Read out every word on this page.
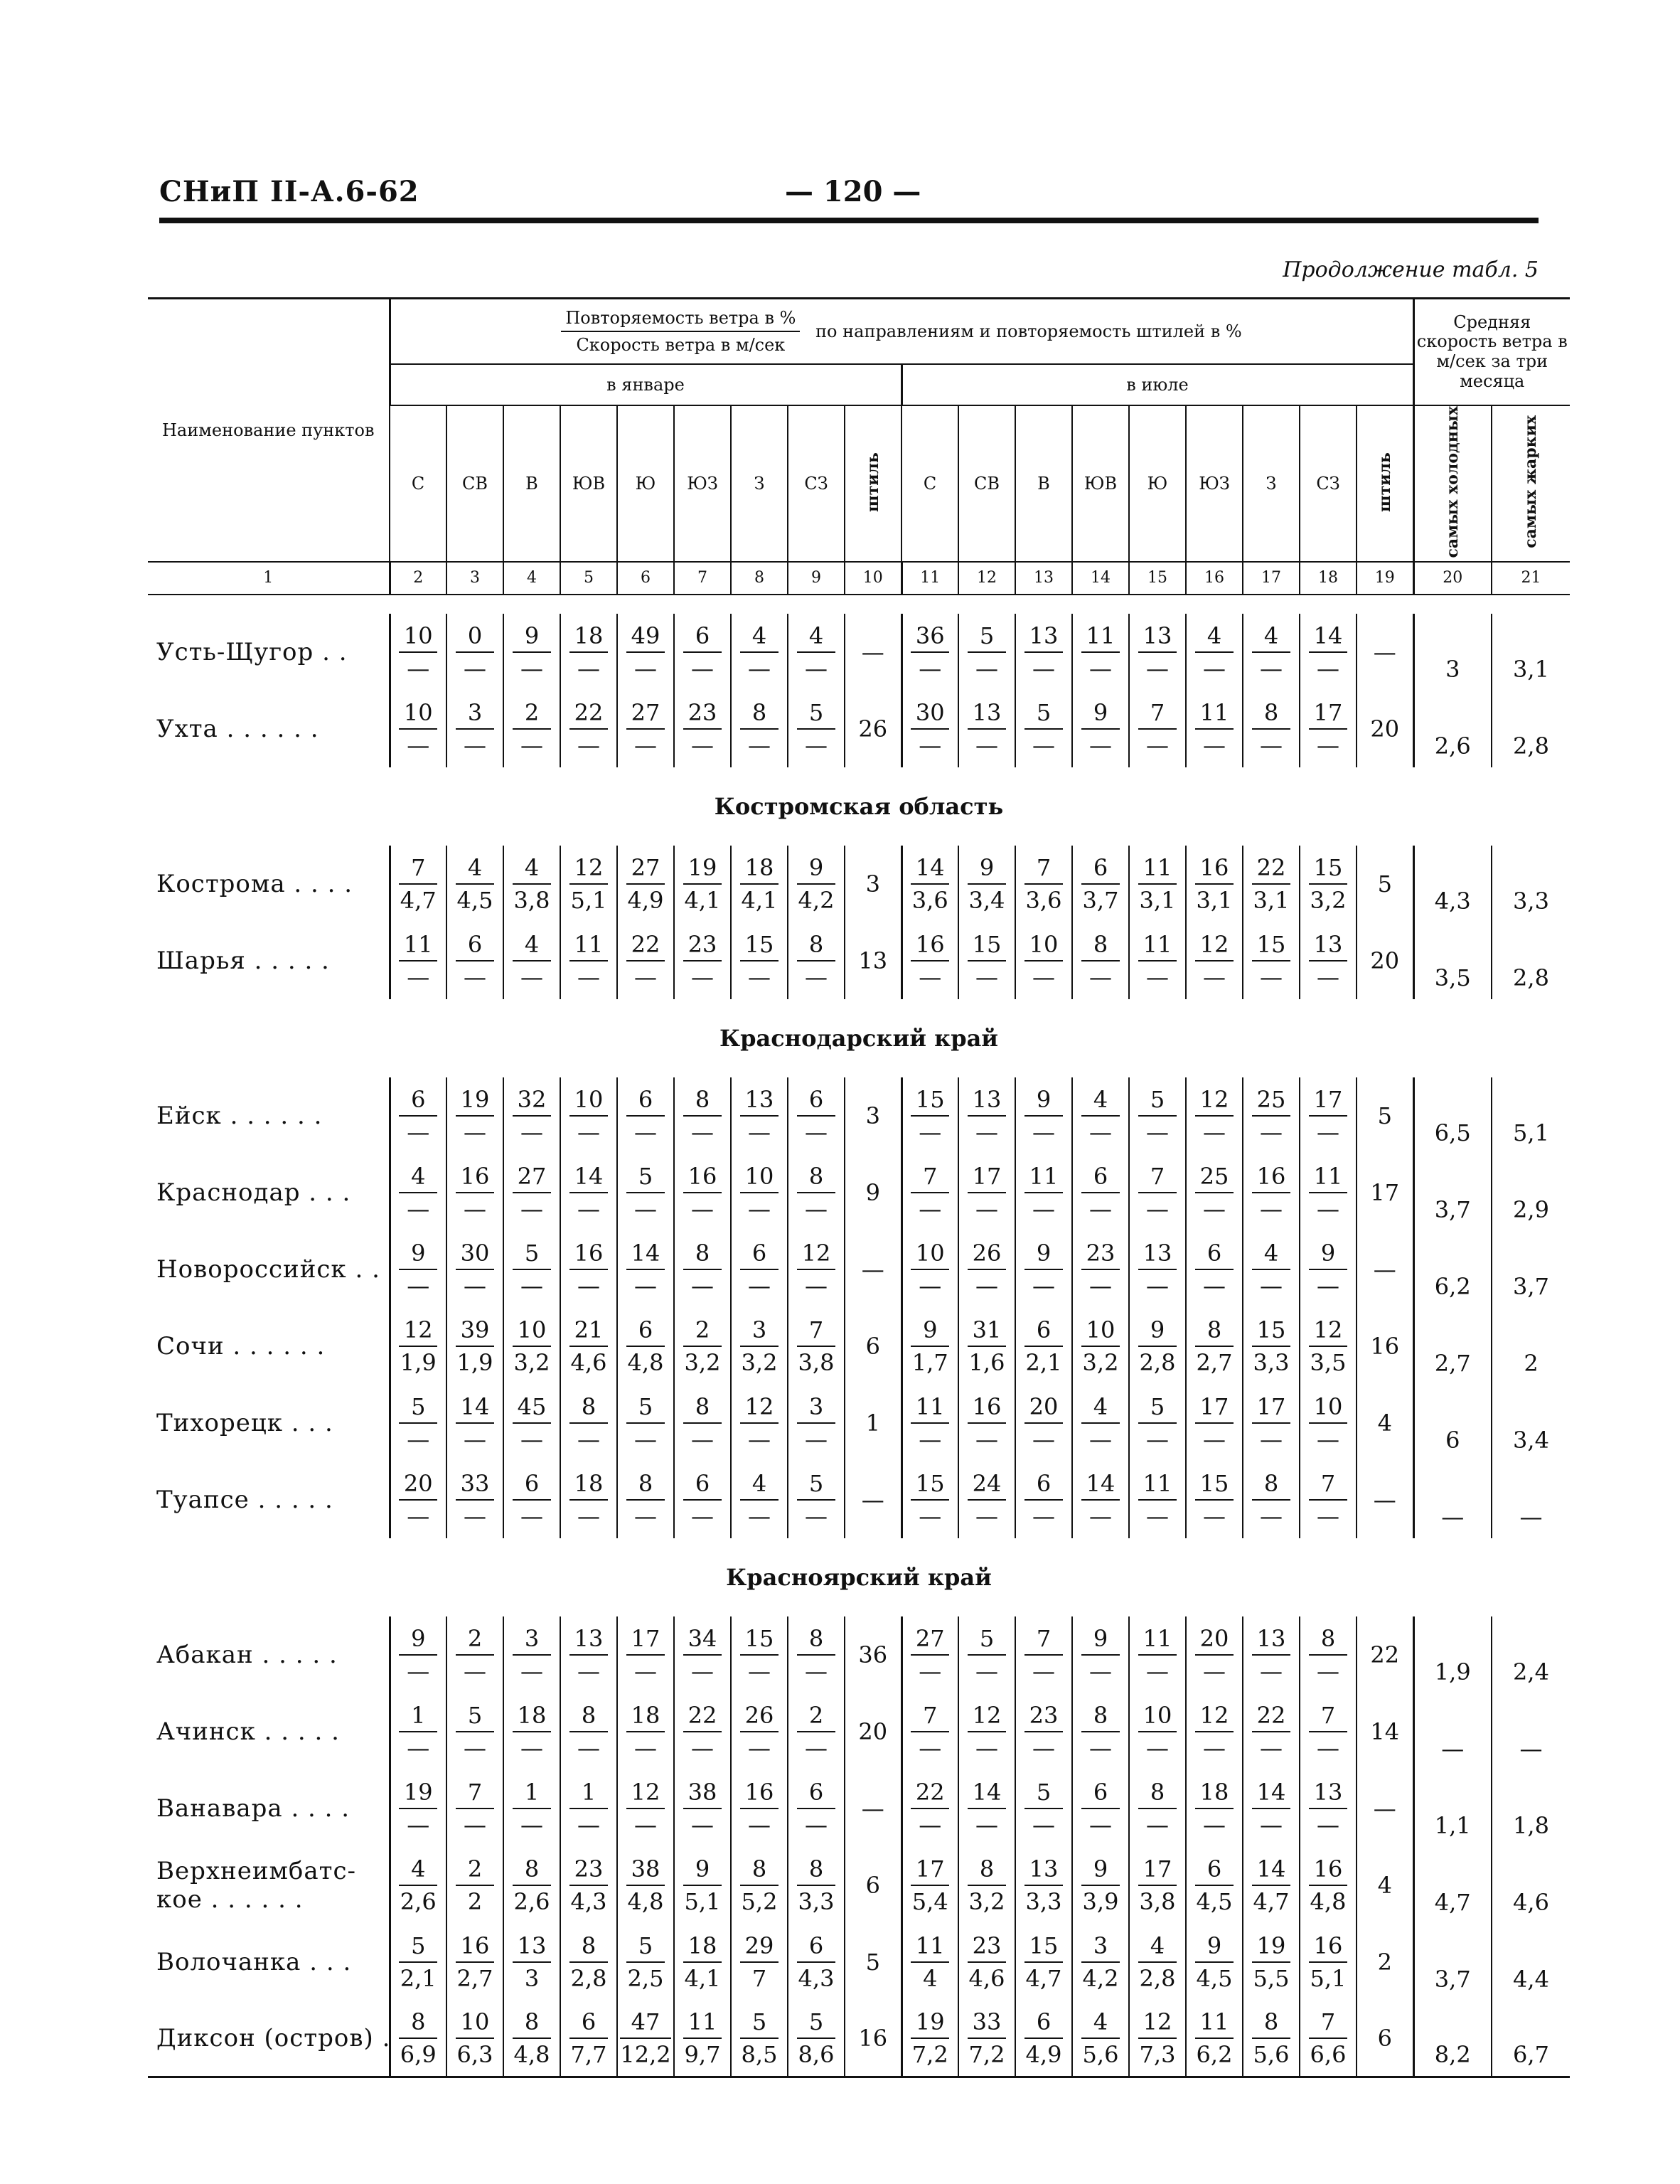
СНиП II-А.6-62	— 120 —
Продолжение табл. 5

Наименование пунктов	Повторяемость ветра в %
Скорость ветра в м/сек
по направлениям и повторяемость штилей в %																		Средняя скорость ветра в м/сек за три месяца	
	в январе									в июле										
	С	СВ	В	ЮВ	Ю	ЮЗ	З	СЗ	штиль	С	СВ	В	ЮВ	Ю	ЮЗ	З	СЗ	штиль	самых холодных	самых жарких
1	2	3	4	5	6	7	8	9	10	11	12	13	14	15	16	17	18	19	20	21

Усть-Щугор . .	$\frac{10}{—}$	$\frac{0}{—}$	$\frac{9}{—}$	$\frac{18}{—}$	$\frac{49}{—}$	$\frac{6}{—}$	$\frac{4}{—}$	$\frac{4}{—}$	—	$\frac{36}{—}$	$\frac{5}{—}$	$\frac{13}{—}$	$\frac{11}{—}$	$\frac{13}{—}$	$\frac{4}{—}$	$\frac{4}{—}$	$\frac{14}{—}$	—	3	3,1
Ухта . . . . . .	$\frac{10}{—}$	$\frac{3}{—}$	$\frac{2}{—}$	$\frac{22}{—}$	$\frac{27}{—}$	$\frac{23}{—}$	$\frac{8}{—}$	$\frac{5}{—}$	26	$\frac{30}{—}$	$\frac{13}{—}$	$\frac{5}{—}$	$\frac{9}{—}$	$\frac{7}{—}$	$\frac{11}{—}$	$\frac{8}{—}$	$\frac{17}{—}$	20	2,6	2,8
Костромская область																				
Кострома . . . .	$\frac{7}{4,7}$	$\frac{4}{4,5}$	$\frac{4}{3,8}$	$\frac{12}{5,1}$	$\frac{27}{4,9}$	$\frac{19}{4,1}$	$\frac{18}{4,1}$	$\frac{9}{4,2}$	3	$\frac{14}{3,6}$	$\frac{9}{3,4}$	$\frac{7}{3,6}$	$\frac{6}{3,7}$	$\frac{11}{3,1}$	$\frac{16}{3,1}$	$\frac{22}{3,1}$	$\frac{15}{3,2}$	5	4,3	3,3
Шарья . . . . .	$\frac{11}{—}$	$\frac{6}{—}$	$\frac{4}{—}$	$\frac{11}{—}$	$\frac{22}{—}$	$\frac{23}{—}$	$\frac{15}{—}$	$\frac{8}{—}$	13	$\frac{16}{—}$	$\frac{15}{—}$	$\frac{10}{—}$	$\frac{8}{—}$	$\frac{11}{—}$	$\frac{12}{—}$	$\frac{15}{—}$	$\frac{13}{—}$	20	3,5	2,8
Краснодарский край																				
Ейск . . . . . .	$\frac{6}{—}$	$\frac{19}{—}$	$\frac{32}{—}$	$\frac{10}{—}$	$\frac{6}{—}$	$\frac{8}{—}$	$\frac{13}{—}$	$\frac{6}{—}$	3	$\frac{15}{—}$	$\frac{13}{—}$	$\frac{9}{—}$	$\frac{4}{—}$	$\frac{5}{—}$	$\frac{12}{—}$	$\frac{25}{—}$	$\frac{17}{—}$	5	6,5	5,1
Краснодар . . .	$\frac{4}{—}$	$\frac{16}{—}$	$\frac{27}{—}$	$\frac{14}{—}$	$\frac{5}{—}$	$\frac{16}{—}$	$\frac{10}{—}$	$\frac{8}{—}$	9	$\frac{7}{—}$	$\frac{17}{—}$	$\frac{11}{—}$	$\frac{6}{—}$	$\frac{7}{—}$	$\frac{25}{—}$	$\frac{16}{—}$	$\frac{11}{—}$	17	3,7	2,9
Новороссийск . .	$\frac{9}{—}$	$\frac{30}{—}$	$\frac{5}{—}$	$\frac{16}{—}$	$\frac{14}{—}$	$\frac{8}{—}$	$\frac{6}{—}$	$\frac{12}{—}$	—	$\frac{10}{—}$	$\frac{26}{—}$	$\frac{9}{—}$	$\frac{23}{—}$	$\frac{13}{—}$	$\frac{6}{—}$	$\frac{4}{—}$	$\frac{9}{—}$	—	6,2	3,7
Сочи . . . . . .	$\frac{12}{1,9}$	$\frac{39}{1,9}$	$\frac{10}{3,2}$	$\frac{21}{4,6}$	$\frac{6}{4,8}$	$\frac{2}{3,2}$	$\frac{3}{3,2}$	$\frac{7}{3,8}$	6	$\frac{9}{1,7}$	$\frac{31}{1,6}$	$\frac{6}{2,1}$	$\frac{10}{3,2}$	$\frac{9}{2,8}$	$\frac{8}{2,7}$	$\frac{15}{3,3}$	$\frac{12}{3,5}$	16	2,7	2
Тихорецк . . .	$\frac{5}{—}$	$\frac{14}{—}$	$\frac{45}{—}$	$\frac{8}{—}$	$\frac{5}{—}$	$\frac{8}{—}$	$\frac{12}{—}$	$\frac{3}{—}$	1	$\frac{11}{—}$	$\frac{16}{—}$	$\frac{20}{—}$	$\frac{4}{—}$	$\frac{5}{—}$	$\frac{17}{—}$	$\frac{17}{—}$	$\frac{10}{—}$	4	6	3,4
Туапсе . . . . .	$\frac{20}{—}$	$\frac{33}{—}$	$\frac{6}{—}$	$\frac{18}{—}$	$\frac{8}{—}$	$\frac{6}{—}$	$\frac{4}{—}$	$\frac{5}{—}$	—	$\frac{15}{—}$	$\frac{24}{—}$	$\frac{6}{—}$	$\frac{14}{—}$	$\frac{11}{—}$	$\frac{15}{—}$	$\frac{8}{—}$	$\frac{7}{—}$	—	—	—
Красноярский край																				
Абакан . . . . .	$\frac{9}{—}$	$\frac{2}{—}$	$\frac{3}{—}$	$\frac{13}{—}$	$\frac{17}{—}$	$\frac{34}{—}$	$\frac{15}{—}$	$\frac{8}{—}$	36	$\frac{27}{—}$	$\frac{5}{—}$	$\frac{7}{—}$	$\frac{9}{—}$	$\frac{11}{—}$	$\frac{20}{—}$	$\frac{13}{—}$	$\frac{8}{—}$	22	1,9	2,4
Ачинск . . . . .	$\frac{1}{—}$	$\frac{5}{—}$	$\frac{18}{—}$	$\frac{8}{—}$	$\frac{18}{—}$	$\frac{22}{—}$	$\frac{26}{—}$	$\frac{2}{—}$	20	$\frac{7}{—}$	$\frac{12}{—}$	$\frac{23}{—}$	$\frac{8}{—}$	$\frac{10}{—}$	$\frac{12}{—}$	$\frac{22}{—}$	$\frac{7}{—}$	14	—	—
Ванавара . . . .	$\frac{19}{—}$	$\frac{7}{—}$	$\frac{1}{—}$	$\frac{1}{—}$	$\frac{12}{—}$	$\frac{38}{—}$	$\frac{16}{—}$	$\frac{6}{—}$	—	$\frac{22}{—}$	$\frac{14}{—}$	$\frac{5}{—}$	$\frac{6}{—}$	$\frac{8}{—}$	$\frac{18}{—}$	$\frac{14}{—}$	$\frac{13}{—}$	—	1,1	1,8
Верхнеимбатс-
кое . . . . . .	$\frac{4}{2,6}$	$\frac{2}{2}$	$\frac{8}{2,6}$	$\frac{23}{4,3}$	$\frac{38}{4,8}$	$\frac{9}{5,1}$	$\frac{8}{5,2}$	$\frac{8}{3,3}$	6	$\frac{17}{5,4}$	$\frac{8}{3,2}$	$\frac{13}{3,3}$	$\frac{9}{3,9}$	$\frac{17}{3,8}$	$\frac{6}{4,5}$	$\frac{14}{4,7}$	$\frac{16}{4,8}$	4	4,7	4,6
Волочанка . . .	$\frac{5}{2,1}$	$\frac{16}{2,7}$	$\frac{13}{3}$	$\frac{8}{2,8}$	$\frac{5}{2,5}$	$\frac{18}{4,1}$	$\frac{29}{7}$	$\frac{6}{4,3}$	5	$\frac{11}{4}$	$\frac{23}{4,6}$	$\frac{15}{4,7}$	$\frac{3}{4,2}$	$\frac{4}{2,8}$	$\frac{9}{4,5}$	$\frac{19}{5,5}$	$\frac{16}{5,1}$	2	3,7	4,4
Диксон (остров) .	$\frac{8}{6,9}$	$\frac{10}{6,3}$	$\frac{8}{4,8}$	$\frac{6}{7,7}$	$\frac{47}{12,2}$	$\frac{11}{9,7}$	$\frac{5}{8,5}$	$\frac{5}{8,6}$	16	$\frac{19}{7,2}$	$\frac{33}{7,2}$	$\frac{6}{4,9}$	$\frac{4}{5,6}$	$\frac{12}{7,3}$	$\frac{11}{6,2}$	$\frac{8}{5,6}$	$\frac{7}{6,6}$	6	8,2	6,7
